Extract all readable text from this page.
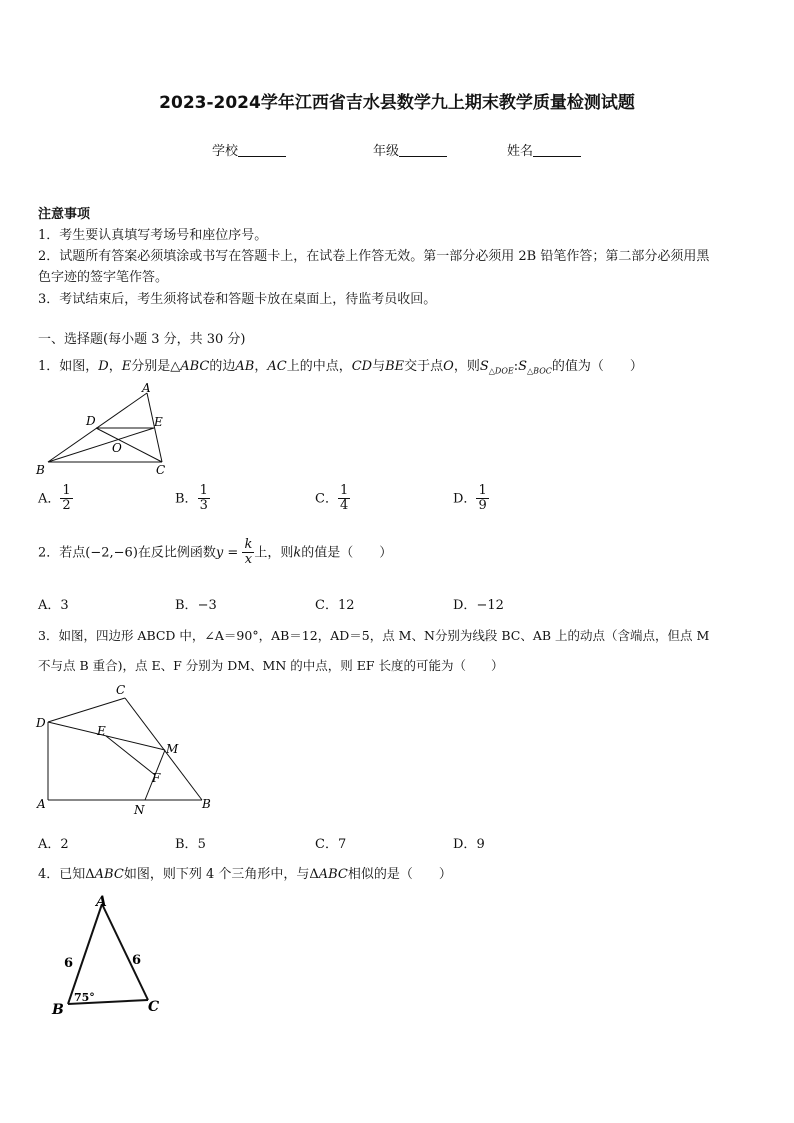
2023-2024学年江西省吉水县数学九上期末教学质量检测试题
学校	年级	姓名
注意事项
1．考生要认真填写考场号和座位序号。
2．试题所有答案必须填涂或书写在答题卡上，在试卷上作答无效。第一部分必须用 2B 铅笔作答；第二部分必须用黑
色字迹的签字笔作答。
3．考试结束后，考生须将试卷和答题卡放在桌面上，待监考员收回。
一、选择题(每小题 3 分，共 30 分)
1．如图，D，E分别是△ABC的边AB，AC上的中点，CD与BE交于点O，则$S_{\triangle DOE}:S_{\triangle BOC}$的值为（　　）
A
D	E
O
B	C
A． $\frac{1}{2}$	B． $\frac{1}{3}$	C． $\frac{1}{4}$	D． $\frac{1}{9}$
2．若点(−2,−6)在反比例函数$y = \frac{k}{x}$ 上，则k的值是（　　）
A．3	B．−3	C．12	D．−12
3．如图，四边形 ABCD 中，∠A＝90°，AB＝12，AD＝5，点 M、N分别为线段 BC、AB 上的动点（含端点，但点 M
不与点 B 重合)，点 E、F 分别为 DM、MN 的中点，则 EF 长度的可能为（　　）
C
D
E
M
F
A	N	B
A．2	B．5	C．7	D．9
4．已知ΔABC如图，则下列 4 个三角形中，与ΔABC相似的是（　　）
A
B	C
6	6
75°
